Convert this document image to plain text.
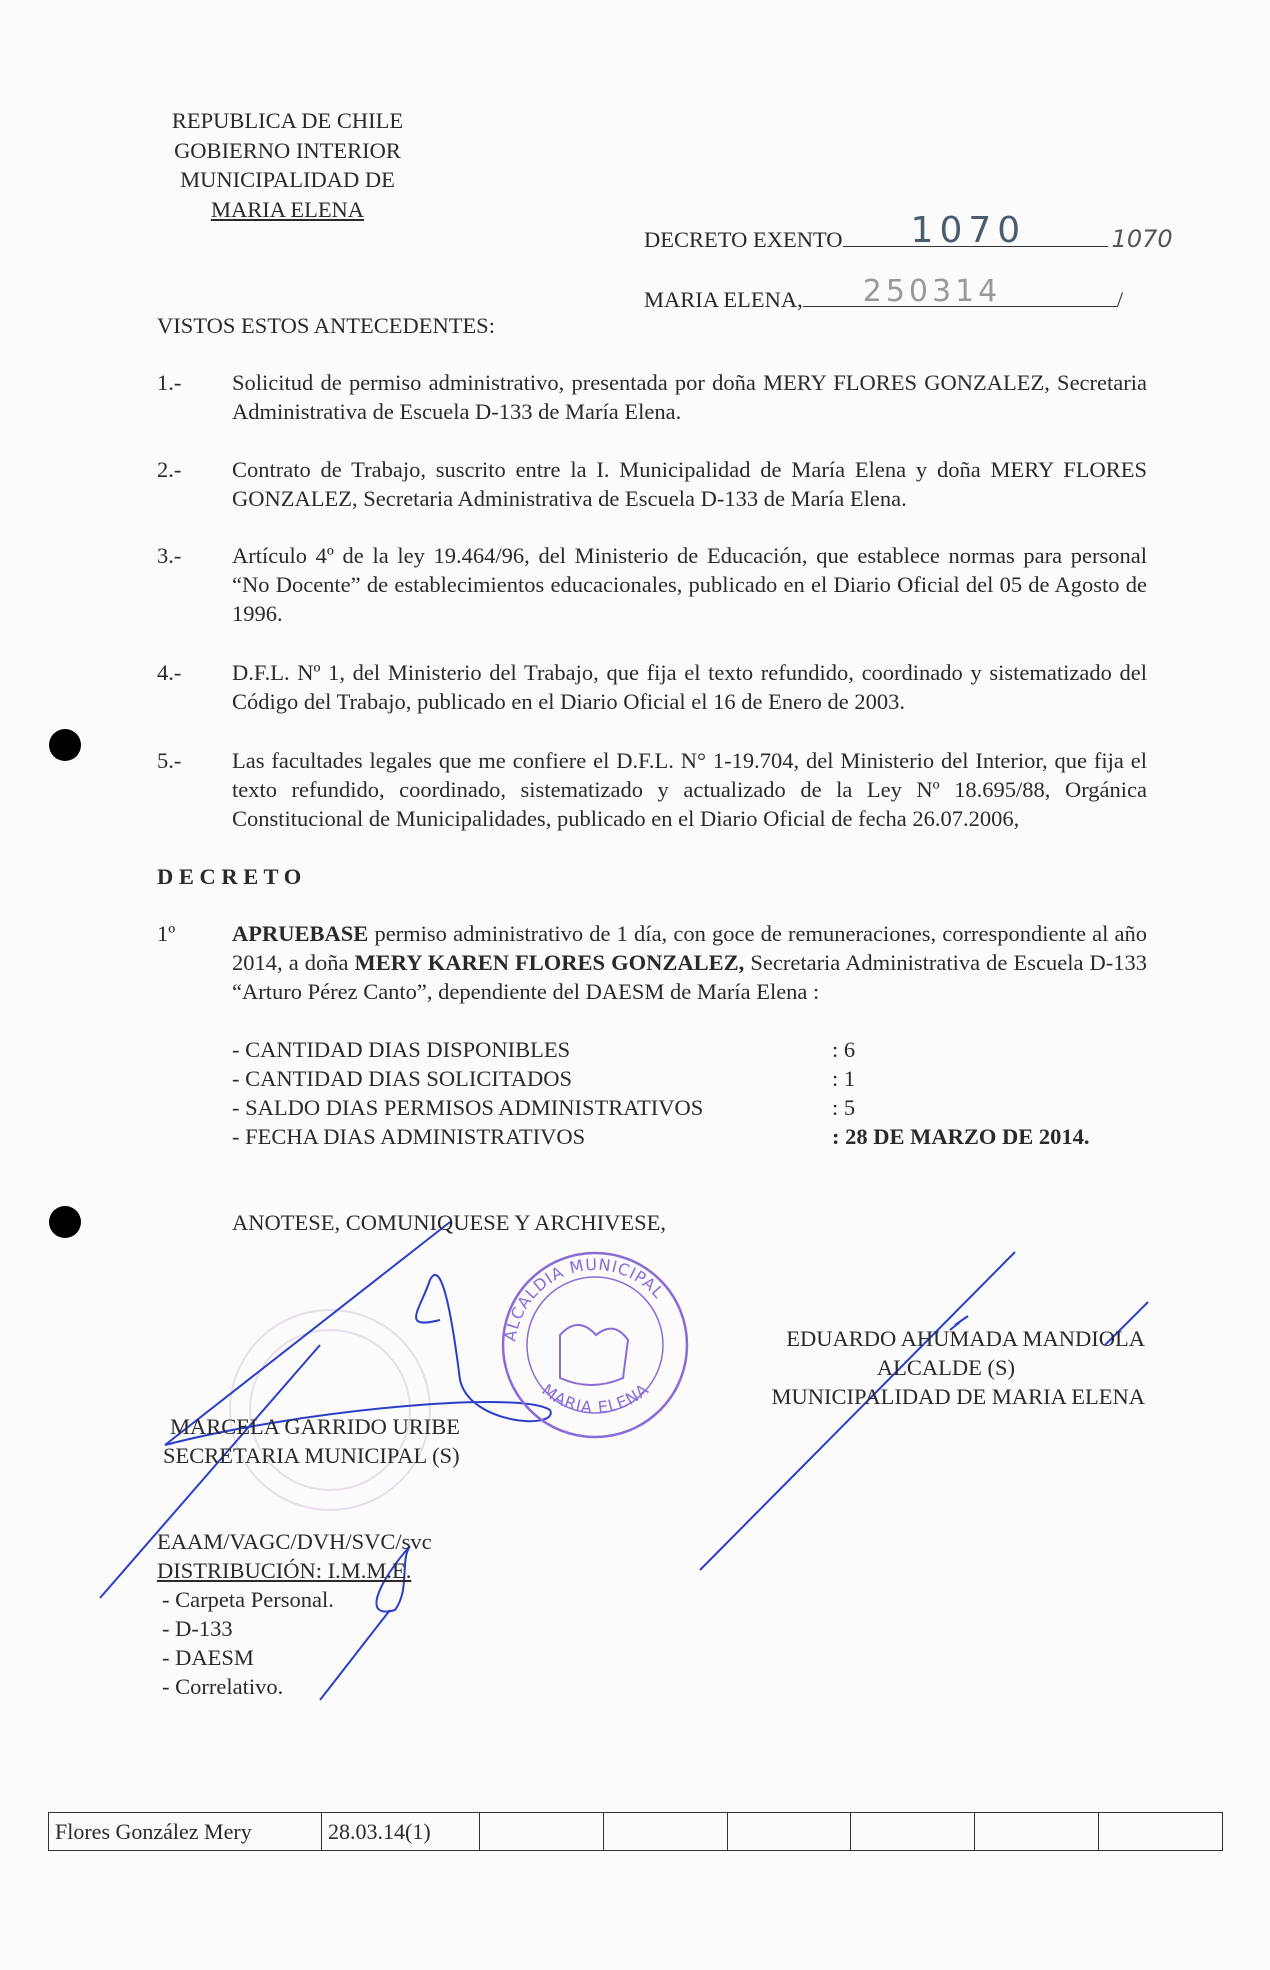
REPUBLICA DE CHILE
GOBIERNO INTERIOR
MUNICIPALIDAD DE
MARIA ELENA
DECRETO EXENTO 1070	1070
MARIA ELENA, 250314	/
VISTOS ESTOS ANTECEDENTES:
1.-	Solicitud de permiso administrativo, presentada por doña MERY FLORES GONZALEZ, Secretaria Administrativa de Escuela D-133 de María Elena.
2.-	Contrato de Trabajo, suscrito entre la I. Municipalidad de María Elena y doña MERY FLORES GONZALEZ, Secretaria Administrativa de Escuela D-133 de María Elena.
3.-	Artículo 4º de la ley 19.464/96, del Ministerio de Educación, que establece normas para personal “No Docente” de establecimientos educacionales, publicado en el Diario Oficial del 05 de Agosto de 1996.
4.-	D.F.L. Nº 1, del Ministerio del Trabajo, que fija el texto refundido, coordinado y sistematizado del Código del Trabajo, publicado en el Diario Oficial el 16 de Enero de 2003.
5.-	Las facultades legales que me confiere el D.F.L. N° 1-19.704, del Ministerio del Interior, que fija el texto refundido, coordinado, sistematizado y actualizado de la Ley Nº 18.695/88, Orgánica Constitucional de Municipalidades, publicado en el Diario Oficial de fecha 26.07.2006,
D E C R E T O
1º	APRUEBASE permiso administrativo de 1 día, con goce de remuneraciones, correspondiente al año 2014, a doña MERY KAREN FLORES GONZALEZ, Secretaria Administrativa de Escuela D-133 “Arturo Pérez Canto”, dependiente del DAESM de María Elena :
- CANTIDAD DIAS DISPONIBLES	: 6
- CANTIDAD DIAS SOLICITADOS	: 1
- SALDO DIAS PERMISOS ADMINISTRATIVOS	: 5
- FECHA DIAS ADMINISTRATIVOS	: 28 DE MARZO DE 2014.
ANOTESE, COMUNIQUESE Y ARCHIVESE,
ALCALDIA MUNICIPAL
MARIA ELENA
EDUARDO AHUMADA MANDIOLA
ALCALDE (S)
MUNICIPALIDAD DE MARIA ELENA
MARCELA GARRIDO URIBE
SECRETARIA MUNICIPAL (S)
EAAM/VAGC/DVH/SVC/svc
DISTRIBUCIÓN: I.M.M.E.
- Carpeta Personal.
- D-133
- DAESM
- Correlativo.
Flores González Mery	28.03.14(1)						
